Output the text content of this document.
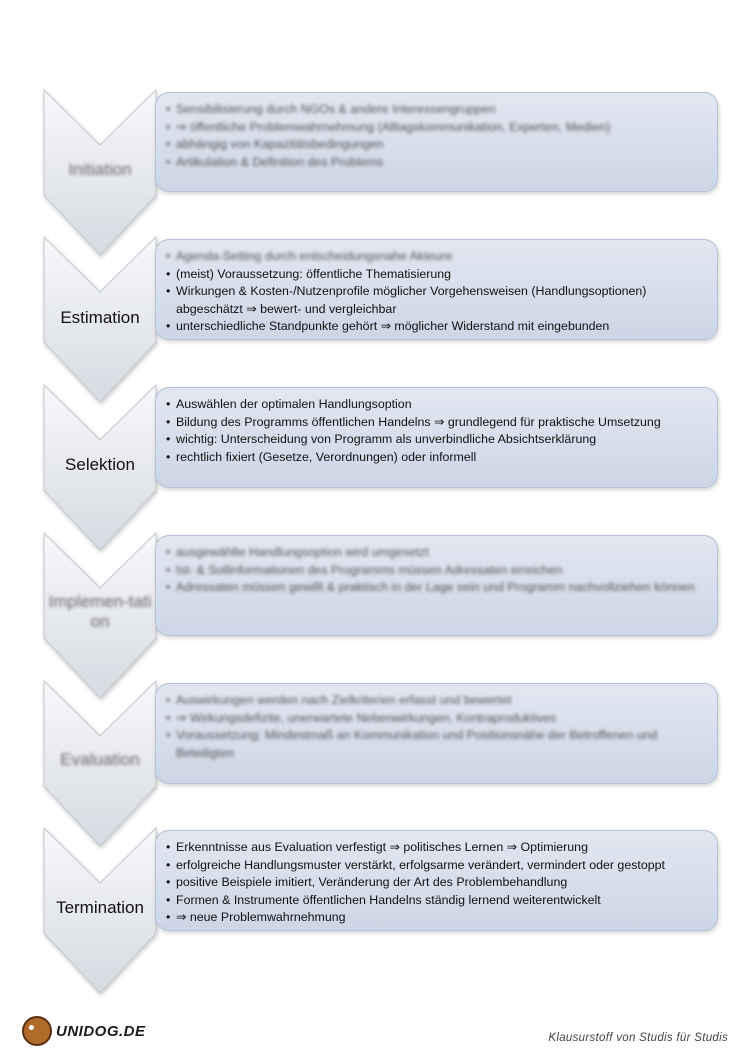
Initiation
• Sensibilisierung durch NGOs & andere Interessengruppen
• ⇒ öffentliche Problemwahrnehmung (Alltagskommunikation, Experten, Medien)
• abhängig von Kapazitätsbedingungen
• Artikulation & Definition des Problems
Estimation
• Agenda-Setting durch entscheidungsnahe Akteure
• (meist) Voraussetzung: öffentliche Thematisierung
• Wirkungen & Kosten-/Nutzenprofile möglicher Vorgehensweisen (Handlungsoptionen) abgeschätzt ⇒ bewert- und vergleichbar
• unterschiedliche Standpunkte gehört ⇒ möglicher Widerstand mit eingebunden
Selektion
• Auswählen der optimalen Handlungsoption
• Bildung des Programms öffentlichen Handelns ⇒ grundlegend für praktische Umsetzung
• wichtig: Unterscheidung von Programm als unverbindliche Absichtserklärung
• rechtlich fixiert (Gesetze, Verordnungen) oder informell
Implemen-tation
• ausgewählte Handlungsoption wird umgesetzt
• Ist- & Sollinformationen des Programms müssen Adressaten erreichen
• Adressaten müssen gewillt & praktisch in der Lage sein und Programm nachvollziehen können
Evaluation
• Auswirkungen werden nach Zielkriterien erfasst und bewertet
• ⇒ Wirkungsdefizite, unerwartete Nebenwirkungen, Kontraproduktives
• Voraussetzung: Mindestmaß an Kommunikation und Positionsnähe der Betroffenen und Beteiligten
Termination
• Erkenntnisse aus Evaluation verfestigt ⇒ politisches Lernen ⇒ Optimierung
• erfolgreiche Handlungsmuster verstärkt, erfolgsarme verändert, vermindert oder gestoppt
• positive Beispiele imitiert, Veränderung der Art des Problembehandlung
• Formen & Instrumente öffentlichen Handelns ständig lernend weiterentwickelt
• ⇒ neue Problemwahrnehmung
UNIDOG.DE	Klausurstoff von Studis für Studis
